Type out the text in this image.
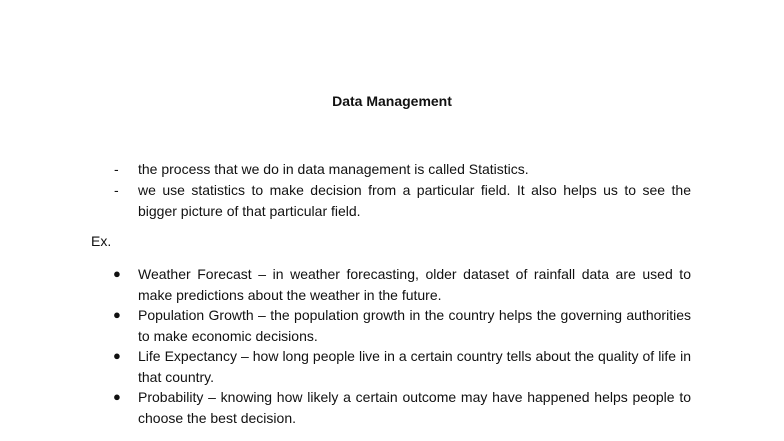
Data Management
- the process that we do in data management is called Statistics.
- we use statistics to make decision from a particular field. It also helps us to see the bigger picture of that particular field.
Ex.
● Weather Forecast – in weather forecasting, older dataset of rainfall data are used to make predictions about the weather in the future.
● Population Growth – the population growth in the country helps the governing authorities to make economic decisions.
● Life Expectancy – how long people live in a certain country tells about the quality of life in that country.
● Probability – knowing how likely a certain outcome may have happened helps people to choose the best decision.
